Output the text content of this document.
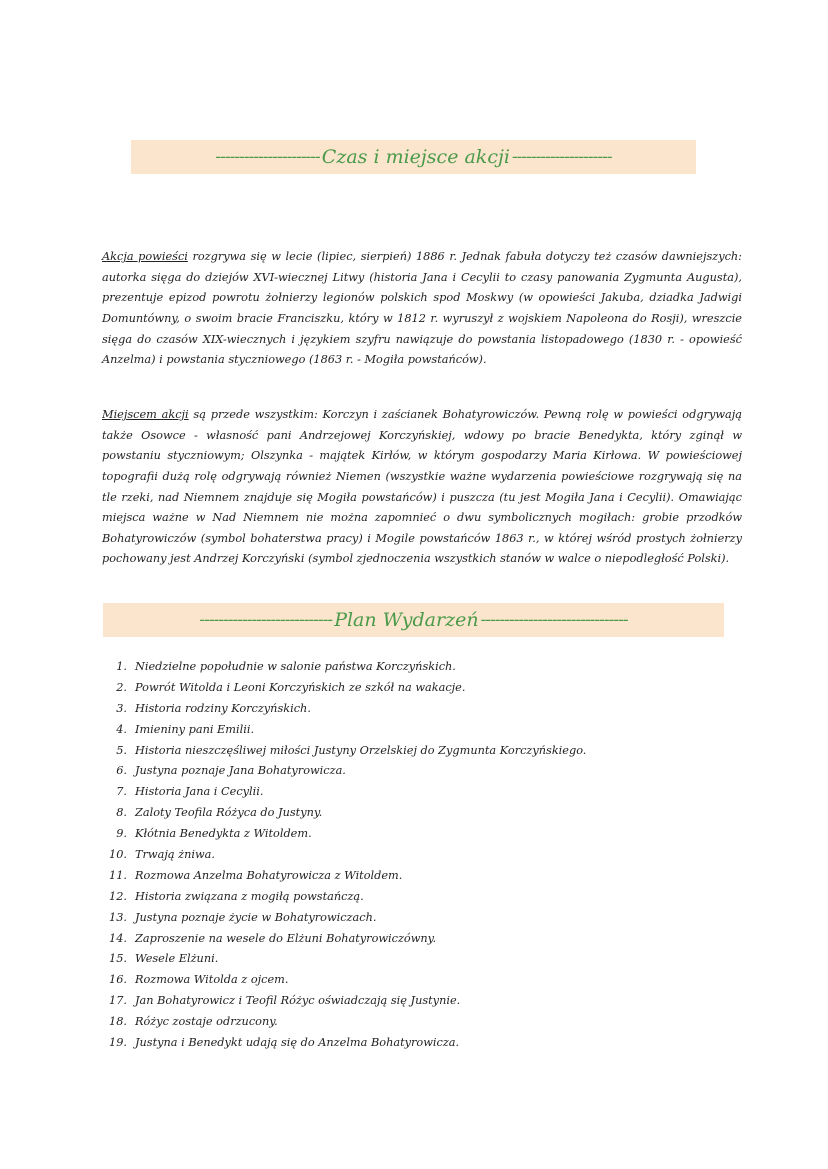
---------------------- Czas i miejsce akcji ---------------------

Akcja powieści rozgrywa się w lecie (lipiec, sierpień) 1886 r. Jednak fabuła dotyczy też czasów dawniejszych: autorka sięga do dziejów XVI-wiecznej Litwy (historia Jana i Cecylii to czasy panowania Zygmunta Augusta), prezentuje epizod powrotu żołnierzy legionów polskich spod Moskwy (w opowieści Jakuba, dziadka Jadwigi Domuntówny, o swoim bracie Franciszku, który w 1812 r. wyruszył z wojskiem Napoleona do Rosji), wreszcie sięga do czasów XIX-wiecznych i językiem szyfru nawiązuje do powstania listopadowego (1830 r. - opowieść Anzelma) i powstania styczniowego (1863 r. - Mogiła powstańców).

Miejscem akcji są przede wszystkim: Korczyn i zaścianek Bohatyrowiczów. Pewną rolę w powieści odgrywają także Osowce - własność pani Andrzejowej Korczyńskiej, wdowy po bracie Benedykta, który zginął w powstaniu styczniowym; Olszynka - majątek Kirłów, w którym gospodarzy Maria Kirłowa. W powieściowej topografii dużą rolę odgrywają również Niemen (wszystkie ważne wydarzenia powieściowe rozgrywają się na tle rzeki, nad Niemnem znajduje się Mogiła powstańców) i puszcza (tu jest Mogiła Jana i Cecylii). Omawiając miejsca ważne w Nad Niemnem nie można zapomnieć o dwu symbolicznych mogiłach: grobie przodków Bohatyrowiczów (symbol bohaterstwa pracy) i Mogile powstańców 1863 r., w której wśród prostych żołnierzy pochowany jest Andrzej Korczyński (symbol zjednoczenia wszystkich stanów w walce o niepodległość Polski).

---------------------------- Plan Wydarzeń -------------------------------
1. Niedzielne popołudnie w salonie państwa Korczyńskich.
2. Powrót Witolda i Leoni Korczyńskich ze szkół na wakacje.
3. Historia rodziny Korczyńskich.
4. Imieniny pani Emilii.
5. Historia nieszczęśliwej miłości Justyny Orzelskiej do Zygmunta Korczyńskiego.
6. Justyna poznaje Jana Bohatyrowicza.
7. Historia Jana i Cecylii.
8. Zaloty Teofila Różyca do Justyny.
9. Kłótnia Benedykta z Witoldem.
10. Trwają żniwa.
11. Rozmowa Anzelma Bohatyrowicza z Witoldem.
12. Historia związana z mogiłą powstańczą.
13. Justyna poznaje życie w Bohatyrowiczach.
14. Zaproszenie na wesele do Elżuni Bohatyrowiczówny.
15. Wesele Elżuni.
16. Rozmowa Witolda z ojcem.
17. Jan Bohatyrowicz i Teofil Różyc oświadczają się Justynie.
18. Różyc zostaje odrzucony.
19. Justyna i Benedykt udają się do Anzelma Bohatyrowicza.
